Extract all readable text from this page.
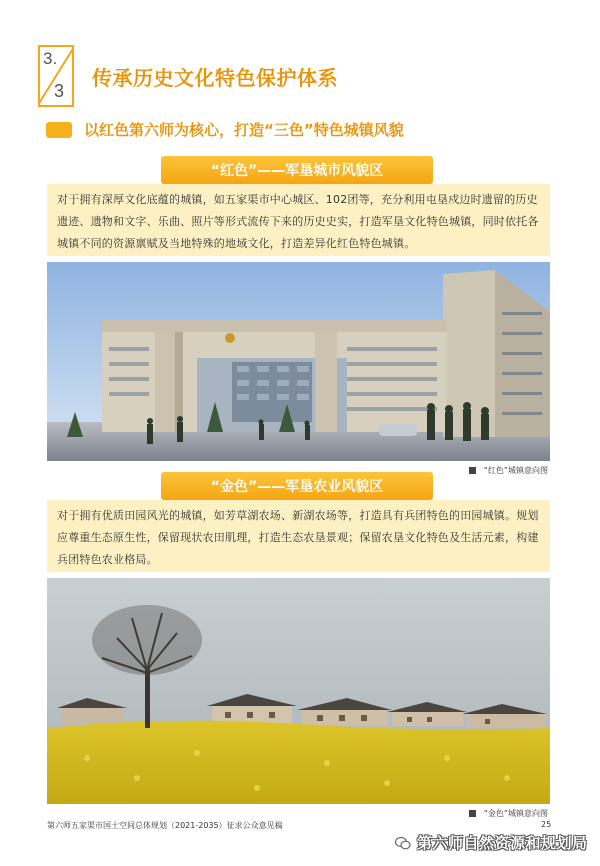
3.
3
传承历史文化特色保护体系
以红色第六师为核心，打造“三色”特色城镇风貌
“红色”——军垦城市风貌区
对于拥有深厚文化底蕴的城镇，如五家渠市中心城区、102团等，充分利用屯垦戍边时遗留的历史遗迹、遗物和文字、乐曲、照片等形式流传下来的历史史实，打造军垦文化特色城镇，同时依托各城镇不同的资源禀赋及当地特殊的地域文化，打造差异化红色特色城镇。
“红色”城镇意向图
“金色”——军垦农业风貌区
对于拥有优质田园风光的城镇，如芳草湖农场、新湖农场等，打造具有兵团特色的田园城镇。规划应尊重生态原生性，保留现状农田肌理，打造生态农垦景观；保留农垦文化特色及生活元素，构建兵团特色农业格局。
“金色”城镇意向图
第六师五家渠市国土空间总体规划（2021-2035）征求公众意见稿	25
第六师自然资源和规划局
